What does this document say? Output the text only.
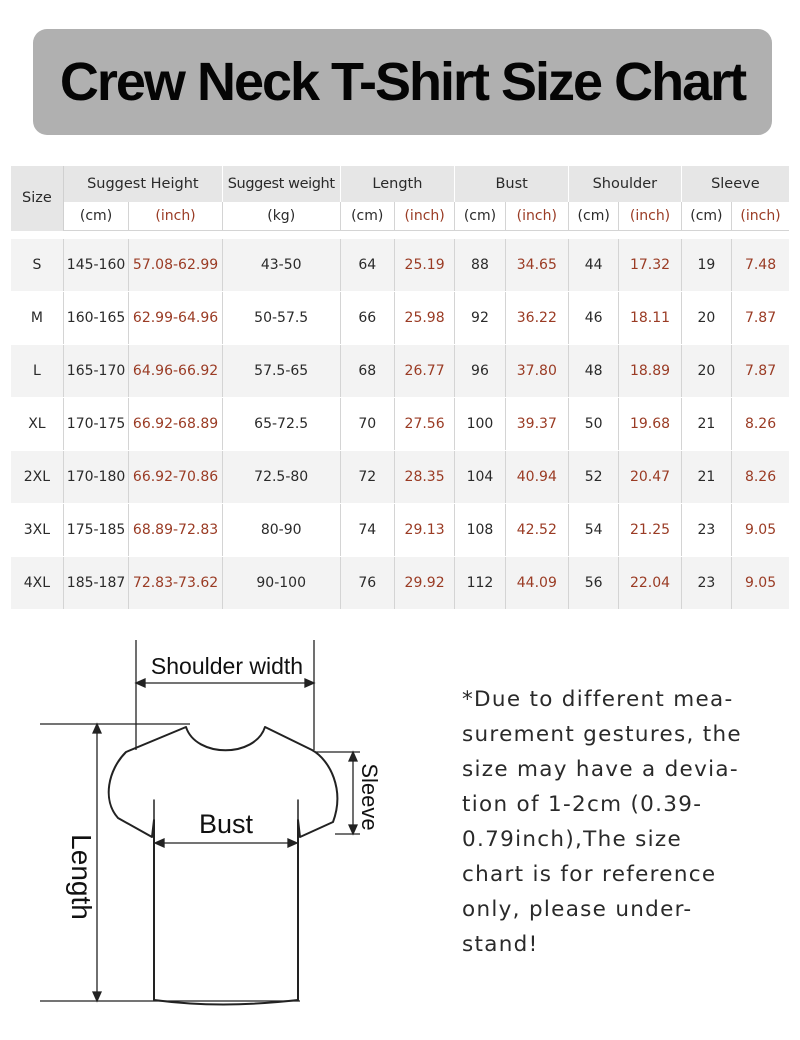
Crew Neck T-Shirt Size Chart
Size	Suggest Height		Suggest weight	Length		Bust		Shoulder		Sleeve	
	(cm)	(inch)	(kg)	(cm)	(inch)	(cm)	(inch)	(cm)	(inch)	(cm)	(inch)

S	145-160	57.08-62.99	43-50	64	25.19	88	34.65	44	17.32	19	7.48
M	160-165	62.99-64.96	50-57.5	66	25.98	92	36.22	46	18.11	20	7.87
L	165-170	64.96-66.92	57.5-65	68	26.77	96	37.80	48	18.89	20	7.87
XL	170-175	66.92-68.89	65-72.5	70	27.56	100	39.37	50	19.68	21	8.26
2XL	170-180	66.92-70.86	72.5-80	72	28.35	104	40.94	52	20.47	21	8.26
3XL	175-185	68.89-72.83	80-90	74	29.13	108	42.52	54	21.25	23	9.05
4XL	185-187	72.83-73.62	90-100	76	29.92	112	44.09	56	22.04	23	9.05
Shoulder width
Bust	Sleeve
Length

*Due to different mea-surement gestures, the size may have a devia-tion of 1-2cm (0.39-0.79inch),The size chart is for reference only, please under-stand!
